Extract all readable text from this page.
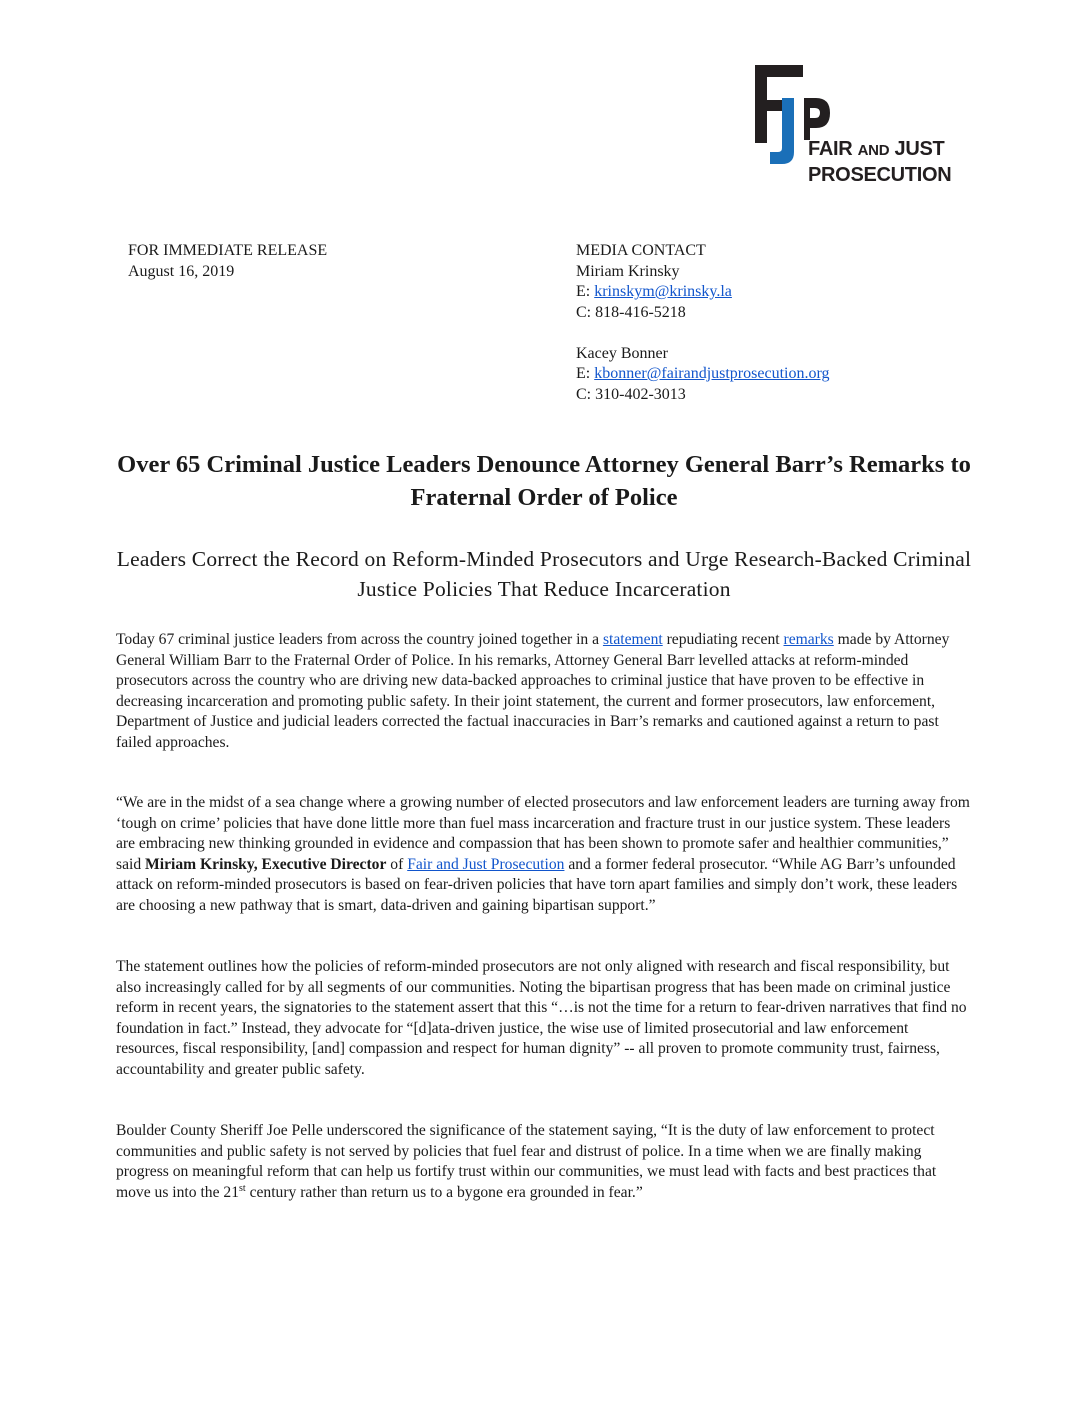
FAIR AND JUST
PROSECUTION
FOR IMMEDIATE RELEASE
August 16, 2019
MEDIA CONTACT
Miriam Krinsky
E: krinskym@krinsky.la
C: 818-416-5218
Kacey Bonner
E: kbonner@fairandjustprosecution.org
C: 310-402-3013
Over 65 Criminal Justice Leaders Denounce Attorney General Barr’s Remarks to Fraternal Order of Police
Leaders Correct the Record on Reform-Minded Prosecutors and Urge Research-Backed Criminal Justice Policies That Reduce Incarceration
Today 67 criminal justice leaders from across the country joined together in a statement repudiating recent remarks made by Attorney General William Barr to the Fraternal Order of Police. In his remarks, Attorney General Barr levelled attacks at reform-minded prosecutors across the country who are driving new data-backed approaches to criminal justice that have proven to be effective in decreasing incarceration and promoting public safety. In their joint statement, the current and former prosecutors, law enforcement, Department of Justice and judicial leaders corrected the factual inaccuracies in Barr’s remarks and cautioned against a return to past failed approaches.
“We are in the midst of a sea change where a growing number of elected prosecutors and law enforcement leaders are turning away from ‘tough on crime’ policies that have done little more than fuel mass incarceration and fracture trust in our justice system. These leaders are embracing new thinking grounded in evidence and compassion that has been shown to promote safer and healthier communities,” said Miriam Krinsky, Executive Director of Fair and Just Prosecution and a former federal prosecutor. “While AG Barr’s unfounded attack on reform-minded prosecutors is based on fear-driven policies that have torn apart families and simply don’t work, these leaders are choosing a new pathway that is smart, data-driven and gaining bipartisan support.”
The statement outlines how the policies of reform-minded prosecutors are not only aligned with research and fiscal responsibility, but also increasingly called for by all segments of our communities. Noting the bipartisan progress that has been made on criminal justice reform in recent years, the signatories to the statement assert that this “…is not the time for a return to fear-driven narratives that find no foundation in fact.” Instead, they advocate for “[d]ata-driven justice, the wise use of limited prosecutorial and law enforcement resources, fiscal responsibility, [and] compassion and respect for human dignity” -- all proven to promote community trust, fairness, accountability and greater public safety.
Boulder County Sheriff Joe Pelle underscored the significance of the statement saying, “It is the duty of law enforcement to protect communities and public safety is not served by policies that fuel fear and distrust of police. In a time when we are finally making progress on meaningful reform that can help us fortify trust within our communities, we must lead with facts and best practices that move us into the 21st century rather than return us to a bygone era grounded in fear.”
